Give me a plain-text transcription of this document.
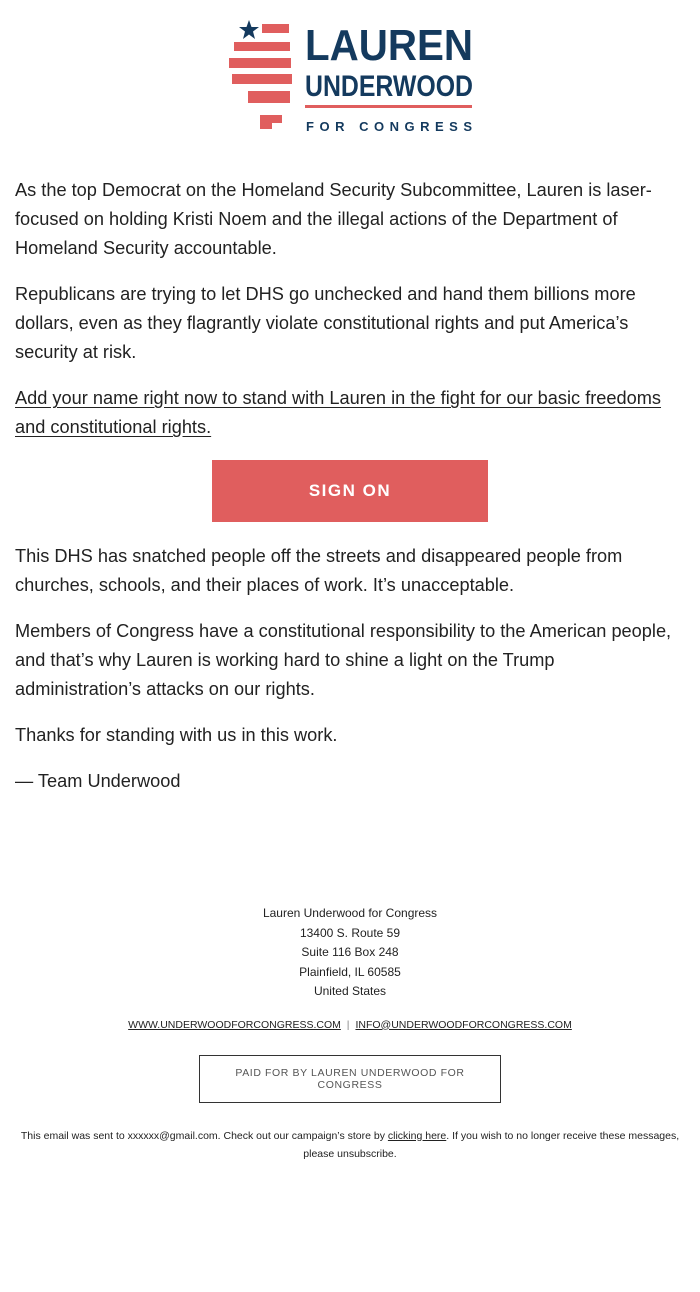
LAUREN
UNDERWOOD
FOR CONGRESS

As the top Democrat on the Homeland Security Subcommittee, Lauren is laser-focused on holding Kristi Noem and the illegal actions of the Department of Homeland Security accountable.

Republicans are trying to let DHS go unchecked and hand them billions more dollars, even as they flagrantly violate constitutional rights and put America’s security at risk.

Add your name right now to stand with Lauren in the fight for our basic freedoms and constitutional rights.

SIGN ON

This DHS has snatched people off the streets and disappeared people from churches, schools, and their places of work. It’s unacceptable.

Members of Congress have a constitutional responsibility to the American people, and that’s why Lauren is working hard to shine a light on the Trump administration’s attacks on our rights.

Thanks for standing with us in this work.

— Team Underwood

Lauren Underwood for Congress
13400 S. Route 59
Suite 116 Box 248
Plainfield, IL 60585
United States
WWW.UNDERWOODFORCONGRESS.COM | INFO@UNDERWOODFORCONGRESS.COM
PAID FOR BY LAUREN UNDERWOOD FOR CONGRESS
This email was sent to xxxxxx@gmail.com. Check out our campaign’s store by clicking here. If you wish to no longer receive these messages, please unsubscribe.
